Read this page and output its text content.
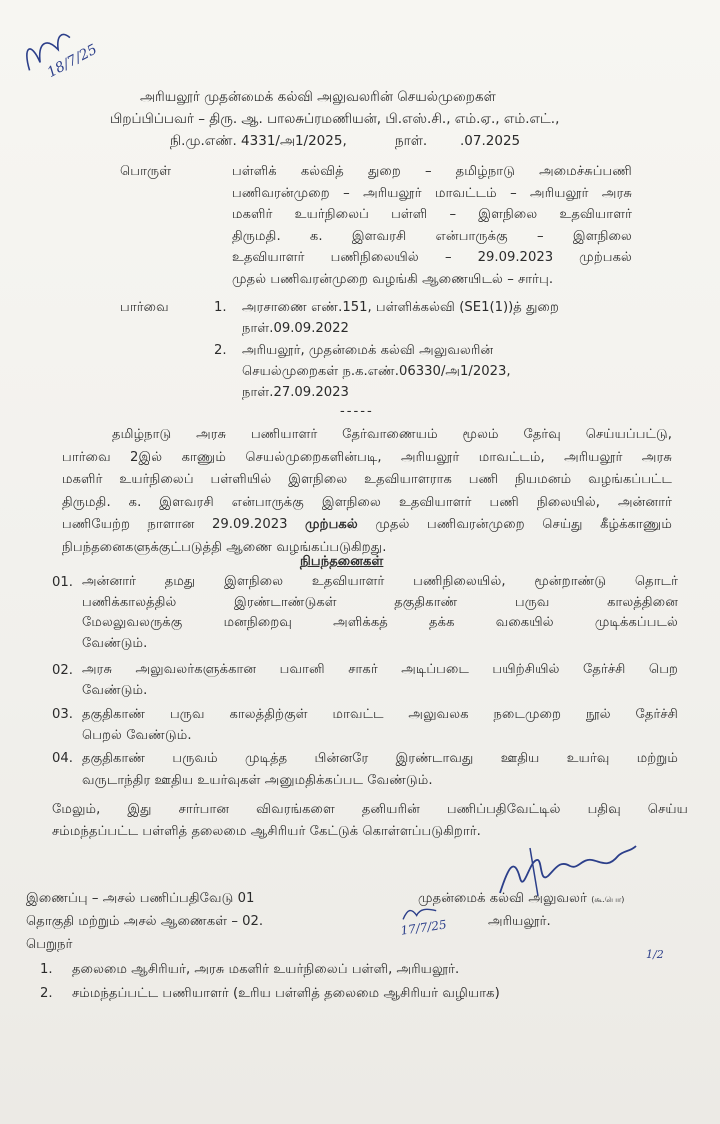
18/7/25
அரியலூர் முதன்மைக் கல்வி அலுவலரின் செயல்முறைகள்
பிறப்பிப்பவர் – திரு. ஆ. பாலசுப்ரமணியன், பி.எஸ்.சி., எம்.ஏ., எம்.எட்.,
நி.மு.எண். 4331/அ1/2025,	நாள். .07.2025
பொருள்	பள்ளிக் கல்வித் துறை – தமிழ்நாடு அமைச்சுப்பணி
பணிவரன்முறை – அரியலூர் மாவட்டம் – அரியலூர் அரசு
மகளிர் உயர்நிலைப் பள்ளி – இளநிலை உதவியாளர்
திருமதி. க. இளவரசி என்பாருக்கு – இளநிலை
உதவியாளர் பணிநிலையில் – 29.09.2023 முற்பகல்
முதல் பணிவரன்முறை வழங்கி ஆணையிடல் – சார்பு.
பார்வை	1. அரசாணை எண்.151, பள்ளிக்கல்வி (SE1(1))த் துறை
நாள்.09.09.2022
2. அரியலூர், முதன்மைக் கல்வி அலுவலரின்
செயல்முறைகள் ந.க.எண்.06330/அ1/2023,
நாள்.27.09.2023
-----
தமிழ்நாடு அரசு பணியாளர் தேர்வாணையம் மூலம் தேர்வு செய்யப்பட்டு,
பார்வை 2இல் காணும் செயல்முறைகளின்படி, அரியலூர் மாவட்டம், அரியலூர் அரசு
மகளிர் உயர்நிலைப் பள்ளியில் இளநிலை உதவியாளராக பணி நியமனம் வழங்கப்பட்ட
திருமதி. க. இளவரசி என்பாருக்கு இளநிலை உதவியாளர் பணி நிலையில், அன்னார்
பணியேற்ற நாளான 29.09.2023 முற்பகல் முதல் பணிவரன்முறை செய்து கீழ்க்காணும்
நிபந்தனைகளுக்குட்படுத்தி ஆணை வழங்கப்படுகிறது.
நிபந்தனைகள்
01. அன்னார் தமது இளநிலை உதவியாளர் பணிநிலையில், மூன்றாண்டு தொடர்
பணிக்காலத்தில் இரண்டாண்டுகள் தகுதிகாண் பருவ காலத்தினை
மேலலுவலருக்கு மனநிறைவு அளிக்கத் தக்க வகையில் முடிக்கப்படல்
வேண்டும்.
02. அரசு அலுவலர்களுக்கான பவானி சாகர் அடிப்படை பயிற்சியில் தேர்ச்சி பெற
வேண்டும்.
03. தகுதிகாண் பருவ காலத்திற்குள் மாவட்ட அலுவலக நடைமுறை நூல் தேர்ச்சி
பெறல் வேண்டும்.
04. தகுதிகாண் பருவம் முடித்த பின்னரே இரண்டாவது ஊதிய உயர்வு மற்றும்
வருடாந்திர ஊதிய உயர்வுகள் அனுமதிக்கப்பட வேண்டும்.
மேலும், இது சார்பான விவரங்களை தனியரின் பணிப்பதிவேட்டில் பதிவு செய்ய
சம்மந்தப்பட்ட பள்ளித் தலைமை ஆசிரியர் கேட்டுக் கொள்ளப்படுகிறார்.
இணைப்பு – அசல் பணிப்பதிவேடு 01
தொகுதி மற்றும் அசல் ஆணைகள் – 02.
பெறுநர்
முதன்மைக் கல்வி அலுவலர் (கூ.பொ)
அரியலூர்.
17/7/25
1/2
1. தலைமை ஆசிரியர், அரசு மகளிர் உயர்நிலைப் பள்ளி, அரியலூர்.
2. சம்மந்தப்பட்ட பணியாளர் (உரிய பள்ளித் தலைமை ஆசிரியர் வழியாக)
